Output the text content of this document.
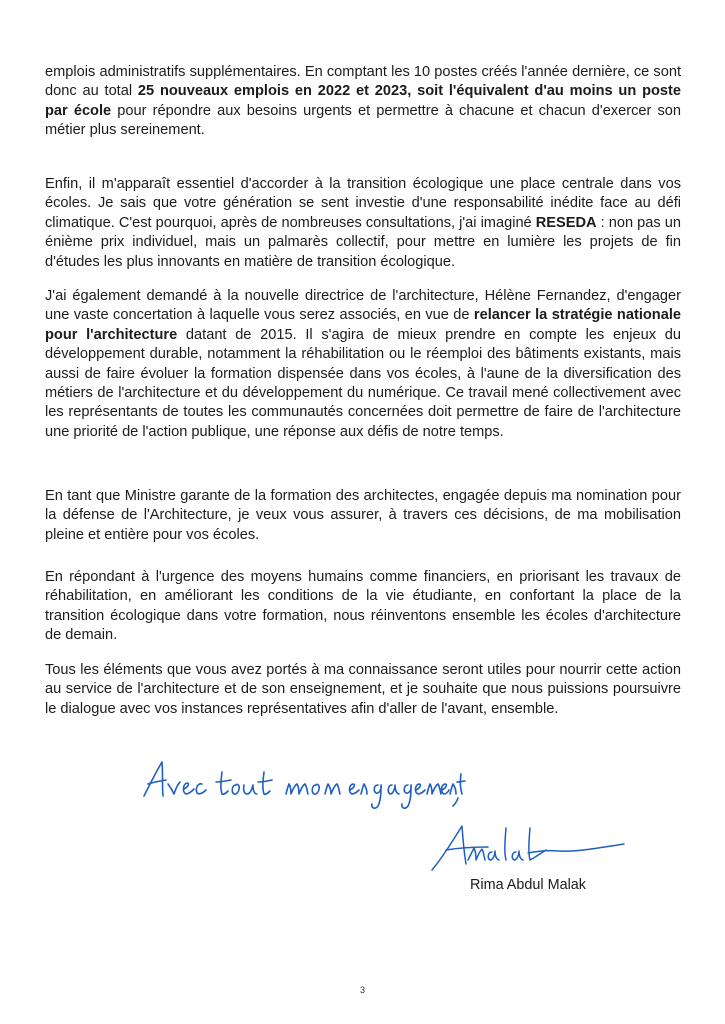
emplois administratifs supplémentaires. En comptant les 10 postes créés l'année dernière, ce sont donc au total 25 nouveaux emplois en 2022 et 2023, soit l'équivalent d'au moins un poste par école pour répondre aux besoins urgents et permettre à chacune et chacun d'exercer son métier plus sereinement.

Enfin, il m'apparaît essentiel d'accorder à la transition écologique une place centrale dans vos écoles. Je sais que votre génération se sent investie d'une responsabilité inédite face au défi climatique. C'est pourquoi, après de nombreuses consultations, j'ai imaginé RESEDA : non pas un énième prix individuel, mais un palmarès collectif, pour mettre en lumière les projets de fin d'études les plus innovants en matière de transition écologique.

J'ai également demandé à la nouvelle directrice de l'architecture, Hélène Fernandez, d'engager une vaste concertation à laquelle vous serez associés, en vue de relancer la stratégie nationale pour l'architecture datant de 2015. Il s'agira de mieux prendre en compte les enjeux du développement durable, notamment la réhabilitation ou le réemploi des bâtiments existants, mais aussi de faire évoluer la formation dispensée dans vos écoles, à l'aune de la diversification des métiers de l'architecture et du développement du numérique. Ce travail mené collectivement avec les représentants de toutes les communautés concernées doit permettre de faire de l'architecture une priorité de l'action publique, une réponse aux défis de notre temps.

En tant que Ministre garante de la formation des architectes, engagée depuis ma nomination pour la défense de l'Architecture, je veux vous assurer, à travers ces décisions, de ma mobilisation pleine et entière pour vos écoles.

En répondant à l'urgence des moyens humains comme financiers, en priorisant les travaux de réhabilitation, en améliorant les conditions de la vie étudiante, en confortant la place de la transition écologique dans votre formation, nous réinventons ensemble les écoles d'architecture de demain.

Tous les éléments que vous avez portés à ma connaissance seront utiles pour nourrir cette action au service de l'architecture et de son enseignement, et je souhaite que nous puissions poursuivre le dialogue avec vos instances représentatives afin d'aller de l'avant, ensemble.

Rima Abdul Malak
3
